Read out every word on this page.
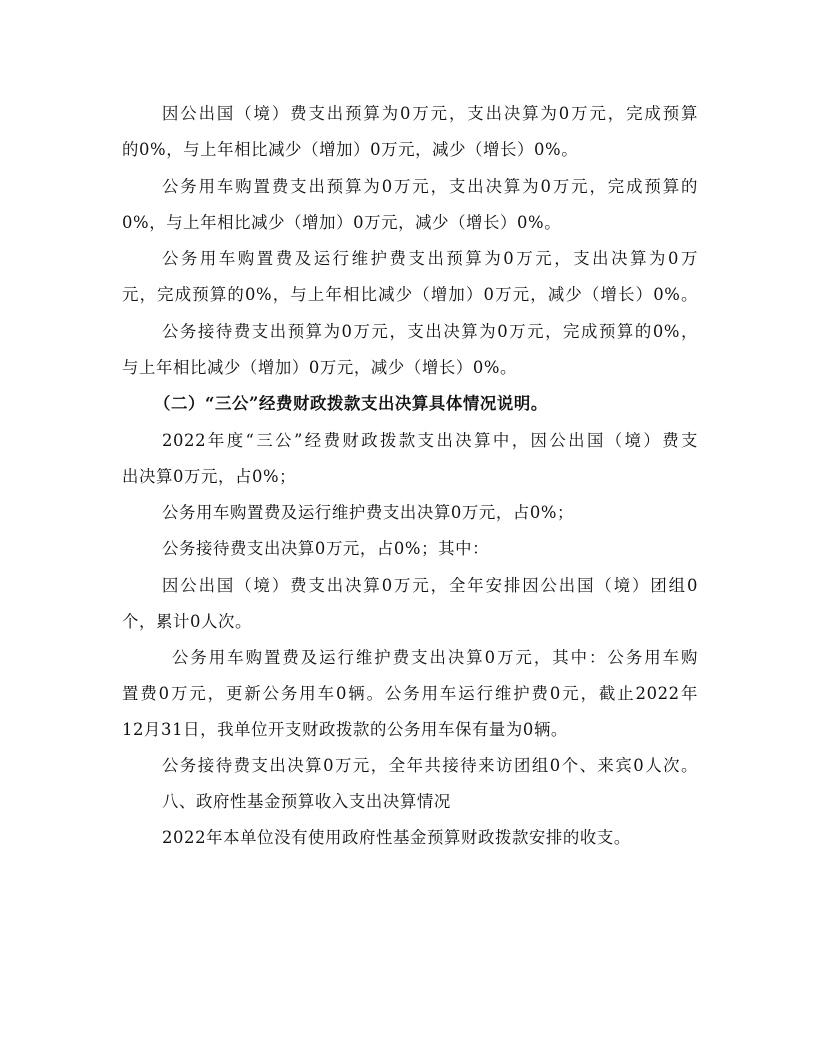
因公出国（境）费支出预算为0万元，支出决算为0万元，完成预算
的0%，与上年相比减少（增加）0万元，减少（增长）0%。
公务用车购置费支出预算为0万元，支出决算为0万元，完成预算的
0%，与上年相比减少（增加）0万元，减少（增长）0%。
公务用车购置费及运行维护费支出预算为0万元，支出决算为0万
元，完成预算的0%，与上年相比减少（增加）0万元，减少（增长）0%。
公务接待费支出预算为0万元，支出决算为0万元，完成预算的0%，
与上年相比减少（增加）0万元，减少（增长）0%。
（二）“三公”经费财政拨款支出决算具体情况说明。
2022年度“三公”经费财政拨款支出决算中，因公出国（境）费支
出决算0万元，占0%；
公务用车购置费及运行维护费支出决算0万元，占0%；
公务接待费支出决算0万元，占0%；其中：
因公出国（境）费支出决算0万元，全年安排因公出国（境）团组0
个，累计0人次。
公务用车购置费及运行维护费支出决算0万元，其中：公务用车购
置费0万元，更新公务用车0辆。公务用车运行维护费0元，截止2022年
12月31日，我单位开支财政拨款的公务用车保有量为0辆。
公务接待费支出决算0万元，全年共接待来访团组0个、来宾0人次。
八、政府性基金预算收入支出决算情况
2022年本单位没有使用政府性基金预算财政拨款安排的收支。
